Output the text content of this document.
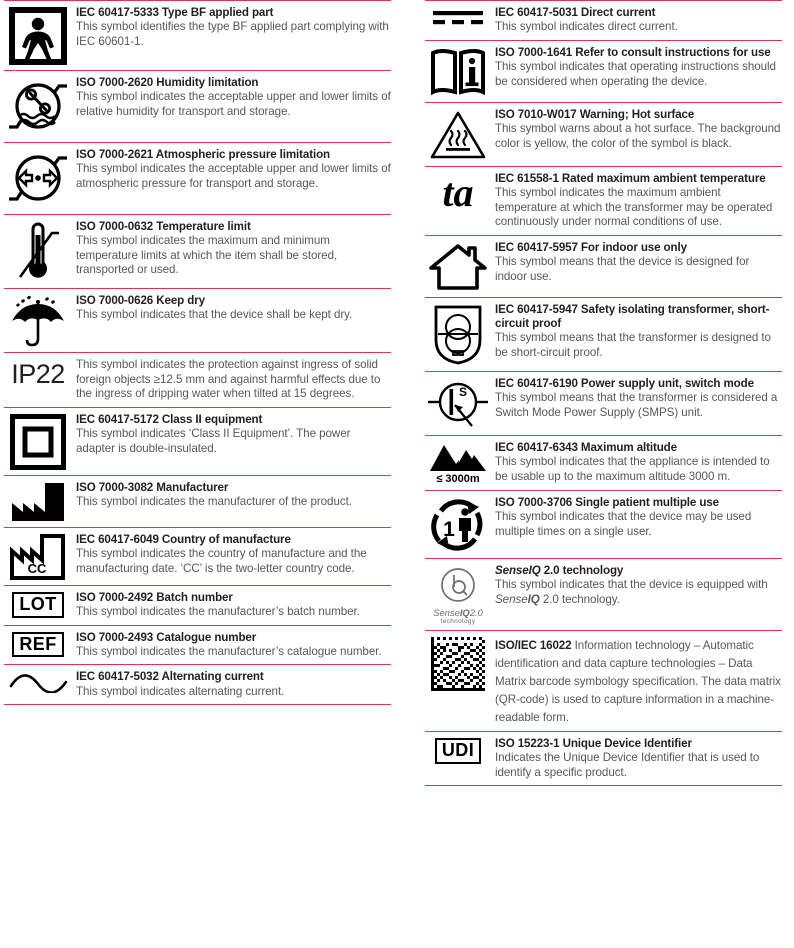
IEC 60417-5333 Type BF applied part

This symbol identifies the type BF applied part complying with IEC 60601-1.

ISO 7000-2620 Humidity limitation

This symbol indicates the acceptable upper and lower limits of relative humidity for transport and storage.

ISO 7000-2621 Atmospheric pressure limitation

This symbol indicates the acceptable upper and lower limits of atmospheric pressure for transport and storage.

ISO 7000-0632 Temperature limit

This symbol indicates the maximum and minimum temperature limits at which the item shall be stored, transported or used.

ISO 7000-0626 Keep dry

This symbol indicates that the device shall be kept dry.

IP22 This symbol indicates the protection against ingress of solid foreign objects ≥12.5 mm and against harmful effects due to the ingress of dripping water when tilted at 15 degrees.

IEC 60417-5172 Class II equipment

This symbol indicates ‘Class II Equipment’. The power adapter is double-insulated.

ISO 7000-3082 Manufacturer

This symbol indicates the manufacturer of the product.

CC

IEC 60417-6049 Country of manufacture

This symbol indicates the country of manufacture and the manufacturing date. ‘CC’ is the two-letter country code.

LOT	ISO 7000-2492 Batch number

This symbol indicates the manufacturer’s batch number.

REF	ISO 7000-2493 Catalogue number

This symbol indicates the manufacturer’s catalogue number.

IEC 60417-5032 Alternating current

This symbol indicates alternating current.

IEC 60417-5031 Direct current

This symbol indicates direct current.

ISO 7000-1641 Refer to consult instructions for use

This symbol indicates that operating instructions should be considered when operating the device.

ISO 7010-W017 Warning; Hot surface

This symbol warns about a hot surface. The background color is yellow, the color of the symbol is black.

ta IEC 61558-1 Rated maximum ambient temperature

This symbol indicates the maximum ambient temperature at which the transformer may be operated continuously under normal conditions of use.

IEC 60417-5957 For indoor use only

This symbol means that the device is designed for indoor use.

IEC 60417-5947 Safety isolating transformer, short-circuit proof

This symbol means that the transformer is designed to be short-circuit proof.

S

IEC 60417-6190 Power supply unit, switch mode

This symbol means that the transformer is considered a Switch Mode Power Supply (SMPS) unit.

≤ 3000m

IEC 60417-6343 Maximum altitude

This symbol indicates that the appliance is intended to be usable up to the maximum altitude 3000 m.

1

ISO 7000-3706 Single patient multiple use

This symbol indicates that the device may be used multiple times on a single user.

SenseIQ2.0
technology

SenseIQ 2.0 technology

This symbol indicates that the device is equipped with SenseIQ 2.0 technology.

ISO/IEC 16022 Information technology – Automatic identification and data capture technologies – Data Matrix barcode symbology specification. The data matrix (QR-code) is used to capture information in a machine-readable form.

UDI	ISO 15223-1 Unique Device Identifier

Indicates the Unique Device Identifier that is used to identify a specific product.
